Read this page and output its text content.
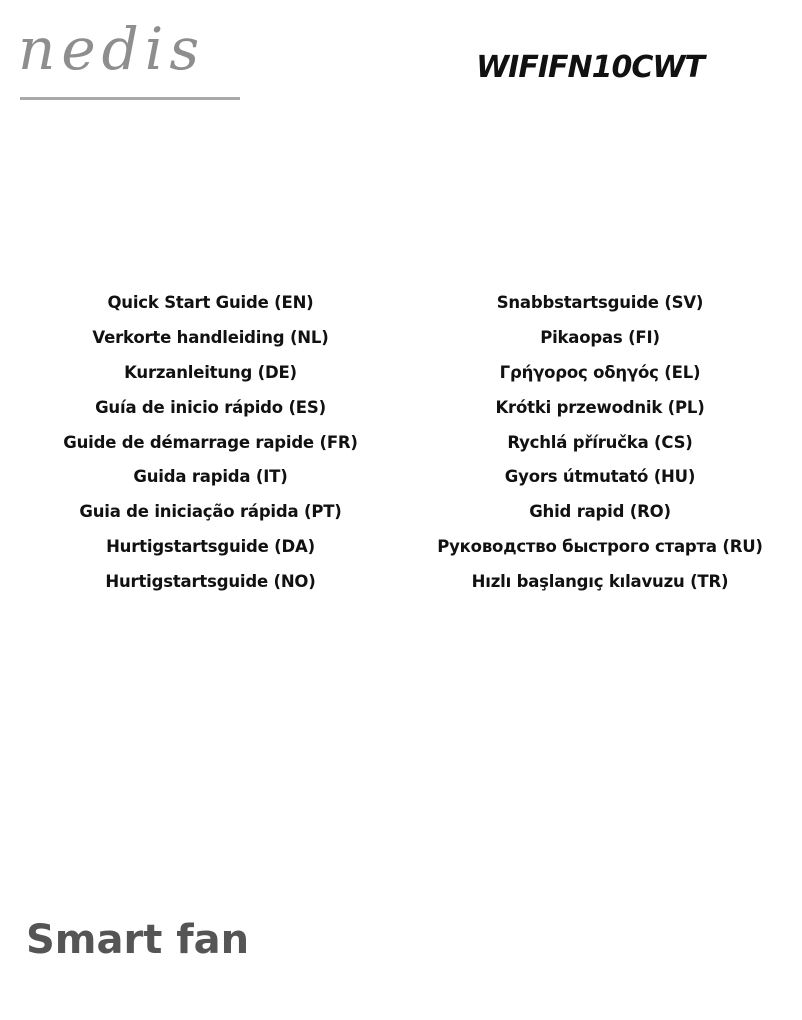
nedis	WIFIFN10CWT
Quick Start Guide (EN)
Verkorte handleiding (NL)
Kurzanleitung (DE)
Guía de inicio rápido (ES)
Guide de démarrage rapide (FR)
Guida rapida (IT)
Guia de iniciação rápida (PT)
Hurtigstartsguide (DA)
Hurtigstartsguide (NO)
Snabbstartsguide (SV)
Pikaopas (FI)
Γρήγορος οδηγός (EL)
Krótki przewodnik (PL)
Rychlá příručka (CS)
Gyors útmutató (HU)
Ghid rapid (RO)
Руководство быстрого старта (RU)
Hızlı başlangıç kılavuzu (TR)
Smart fan
